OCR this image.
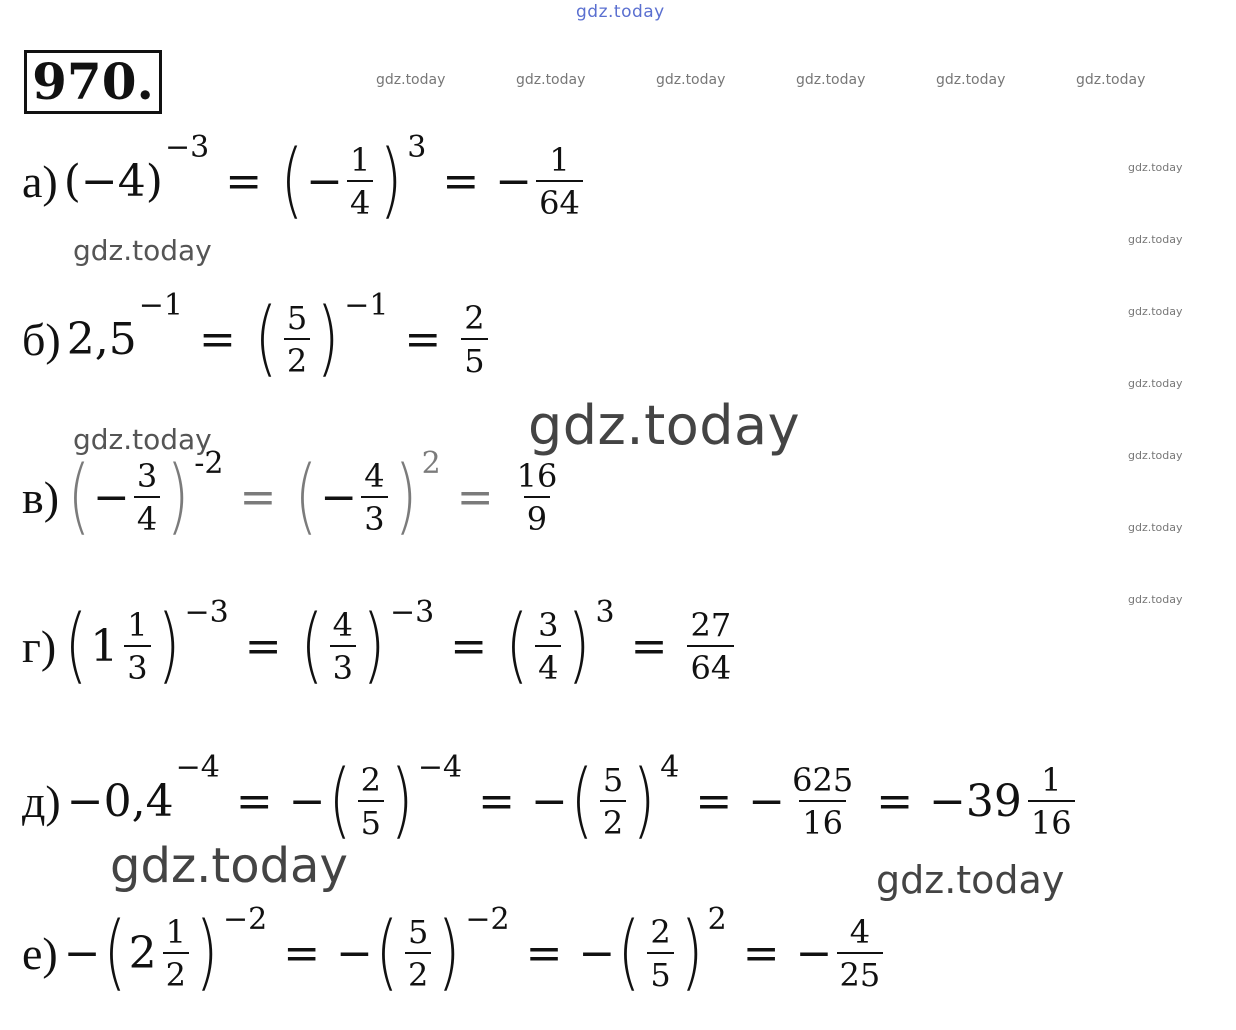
gdz.today
gdz.today	gdz.today	gdz.today	gdz.today	gdz.today	gdz.today
gdz.today
gdz.today
gdz.today
gdz.today
gdz.today
gdz.today
gdz.today
gdz.today
gdz.today	gdz.today
gdz.today	gdz.today
970.
а) (−4)
−3
= ( − $\frac{1}{4}$ ) 3
= − $\frac{1}{64}$
б) 2,5
−1
= ( $\frac{5}{2}$ ) −1
= $\frac{2}{5}$
в) ( − $\frac{3}{4}$ ) -2
= ( − $\frac{4}{3}$ ) 2
= $\frac{16}{9}$
г) ( $1 \frac{1}{3}$ ) −3
= ( $\frac{4}{3}$ ) −3
= ( $\frac{3}{4}$ ) 3
= $\frac{27}{64}$
д) −0,4
−4
= − ( $\frac{2}{5}$ ) −4
= − ( $\frac{5}{2}$ ) 4
= − $\frac{625}{16} = -39 \frac{1}{16}$
е) − ( $2 \frac{1}{2}$ ) −2
= − ( $\frac{5}{2}$ ) −2
= − ( $\frac{2}{5}$ ) 2
= − $\frac{4}{25}$
